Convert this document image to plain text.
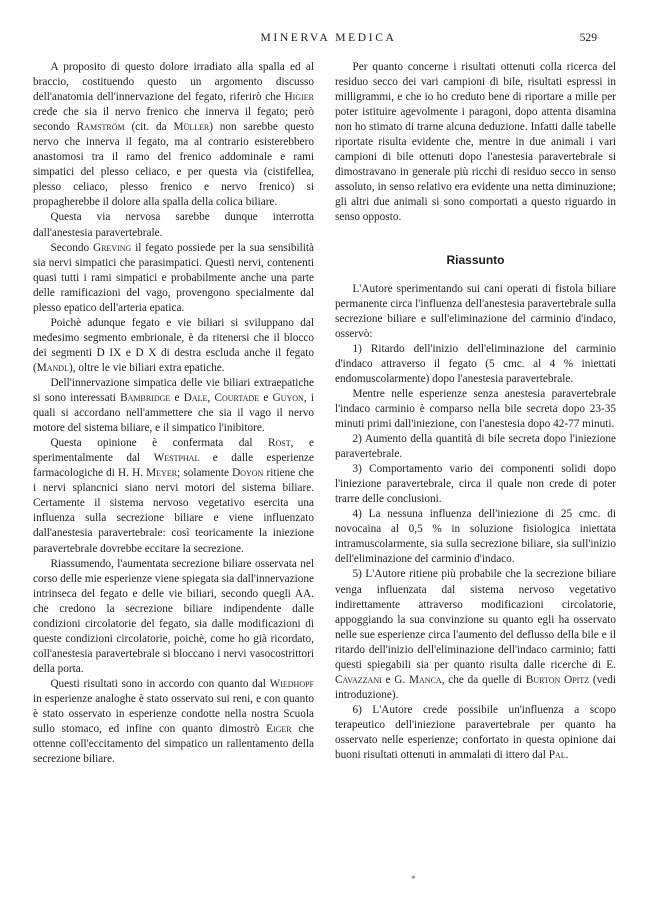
MINERVA MEDICA	529

A proposito di questo dolore irradiato alla spalla ed al braccio, costituendo questo un argomento discusso dell'anatomia dell'innervazione del fegato, riferirò che Higier crede che sia il nervo frenico che innerva il fegato; però secondo Ramström (cit. da Müller) non sarebbe questo nervo che innerva il fegato, ma al contrario esisterebbero anastomosi tra il ramo del frenico addominale e rami simpatici del plesso celiaco, e per questa via (cistifellea, plesso celiaco, plesso frenico e nervo frenico) si propagherebbe il dolore alla spalla della colica biliare.

Questa via nervosa sarebbe dunque interrotta dall'anestesia paravertebrale.

Secondo Greving il fegato possiede per la sua sensibilità sia nervi simpatici che parasimpatici. Questi nervi, contenenti quasi tutti i rami simpatici e probabilmente anche una parte delle ramificazioni del vago, provengono specialmente dal plesso epatico dell'arteria epatica.

Poichè adunque fegato e vie biliari si sviluppano dal medesimo segmento embrionale, è da ritenersi che il blocco dei segmenti D IX e D X di destra escluda anche il fegato (Mandl), oltre le vie biliari extra epatiche.

Dell'innervazione simpatica delle vie biliari extraepatiche si sono interessati Bambridge e Dale, Courtade e Guyon, i quali si accordano nell'ammettere che sia il vago il nervo motore del sistema biliare, e il simpatico l'inibitore.

Questa opinione è confermata dal Rost, e sperimentalmente dal Westphal e dalle esperienze farmacologiche di H. H. Meyer; solamente Doyon ritiene che i nervi splancnici siano nervi motori del sistema biliare. Certamente il sistema nervoso vegetativo esercita una influenza sulla secrezione biliare e viene influenzato dall'anestesia paravertebrale: così teoricamente la iniezione paravertebrale dovrebbe eccitare la secrezione.

Riassumendo, l'aumentata secrezione biliare osservata nel corso delle mie esperienze viene spiegata sia dall'innervazione intrinseca del fegato e delle vie biliari, secondo quegli AA. che credono la secrezione biliare indipendente dalle condizioni circolatorie del fegato, sia dalle modificazioni di queste condizioni circolatorie, poichè, come ho già ricordato, coll'anestesia paravertebrale si bloccano i nervi vasocostrittori della porta.

Questi risultati sono in accordo con quanto dal Wiedhopf in esperienze analoghe è stato osservato sui reni, e con quanto è stato osservato in esperienze condotte nella nostra Scuola sullo stomaco, ed infine con quanto dimostrò Eiger che ottenne coll'eccitamento del simpatico un rallentamento della secrezione biliare.

Per quanto concerne i risultati ottenuti colla ricerca del residuo secco dei vari campioni di bile, risultati espressi in milligrammi, e che io ho creduto bene di riportare a mille per poter istituire agevolmente i paragoni, dopo attenta disamina non ho stimato di trarne alcuna deduzione. Infatti dalle tabelle riportate risulta evidente che, mentre in due animali i vari campioni di bile ottenuti dopo l'anestesia paravertebrale si dimostravano in generale più ricchi di residuo secco in senso assoluto, in senso relativo era evidente una netta diminuzione; gli altri due animali si sono comportati a questo riguardo in senso opposto.

Riassunto

L'Autore sperimentando sui cani operati di fistola biliare permanente circa l'influenza dell'anestesia paravertebrale sulla secrezione biliare e sull'eliminazione del carminio d'indaco, osservò:

1) Ritardo dell'inizio dell'eliminazione del carminio d'indaco attraverso il fegato (5 cmc. al 4 % iniettati endomuscolarmente) dopo l'anestesia paravertebrale.

Mentre nelle esperienze senza anestesia paravertebrale l'indaco carminio è comparso nella bile secreta dopo 23-35 minuti primi dall'iniezione, con l'anestesia dopo 42-77 minuti.

2) Aumento della quantità di bile secreta dopo l'iniezione paravertebrale.

3) Comportamento vario dei componenti solidi dopo l'iniezione paravertebrale, circa il quale non crede di poter trarre delle conclusioni.

4) La nessuna influenza dell'iniezione di 25 cmc. di novocaina al 0,5 % in soluzione fisiologica iniettata intramuscolarmente, sia sulla secrezione biliare, sia sull'inizio dell'eliminazione del carminio d'indaco.

5) L'Autore ritiene più probabile che la secrezione biliare venga influenzata dal sistema nervoso vegetativo indirettamente attraverso modificazioni circolatorie, appoggiando la sua convinzione su quanto egli ha osservato nelle sue esperienze circa l'aumento del deflusso della bile e il ritardo dell'inizio dell'eliminazione dell'indaco carminio; fatti questi spiegabili sia per quanto risulta dalle ricerche di E. Cavazzani e G. Manca, che da quelle di Burton Opitz (vedi introduzione).

6) L'Autore crede possibile un'influenza a scopo terapeutico dell'iniezione paravertebrale per quanto ha osservato nelle esperienze; confortato in questa opinione dai buoni risultati ottenuti in ammalati di ittero dal Pal.

*
